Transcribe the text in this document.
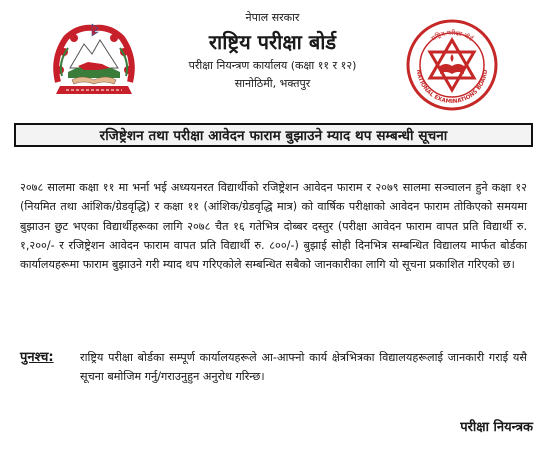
नेपाल सरकार
राष्ट्रिय परीक्षा बोर्ड
परीक्षा नियन्त्रण कार्यालय (कक्षा ११ र १२)
सानोठिमी, भक्तपुर
राष्ट्रिय परीक्षा बोर्ड
NATIONAL EXAMINATIONS BOARD
रजिष्ट्रेशन तथा परीक्षा आवेदन फाराम बुझाउने म्याद थप सम्बन्धी सूचना
२०७८ सालमा कक्षा ११ मा भर्ना भई अध्ययनरत विद्यार्थीको रजिष्ट्रेशन आवेदन फाराम र २०७९ सालमा सञ्चालन हुने कक्षा १२ (नियमित तथा आंशिक/ग्रेडवृद्धि) र कक्षा ११ (आंशिक/ग्रेडवृद्धि मात्र) को वार्षिक परीक्षाको आवेदन फाराम तोकिएको समयमा बुझाउन छुट भएका विद्यार्थीहरूका लागि २०७८ चैत १६ गतेभित्र दोब्बर दस्तुर (परीक्षा आवेदन फाराम वापत प्रति विद्यार्थी रु. १,२००/- र रजिष्ट्रेशन आवेदन फाराम वापत प्रति विद्यार्थी रु. ८००/-) बुझाई सोही दिनभित्र सम्बन्धित विद्यालय मार्फत बोर्डका कार्यालयहरूमा फाराम बुझाउने गरी म्याद थप गरिएकोले सम्बन्धित सबैको जानकारीका लागि यो सूचना प्रकाशित गरिएको छ।
पुनश्च:	राष्ट्रिय परीक्षा बोर्डका सम्पूर्ण कार्यालयहरूले आ-आफ्नो कार्य क्षेत्रभित्रका विद्यालयहरूलाई जानकारी गराई यसै सूचना बमोजिम गर्नु/गराउनुहुन अनुरोध गरिन्छ।
परीक्षा नियन्त्रक
